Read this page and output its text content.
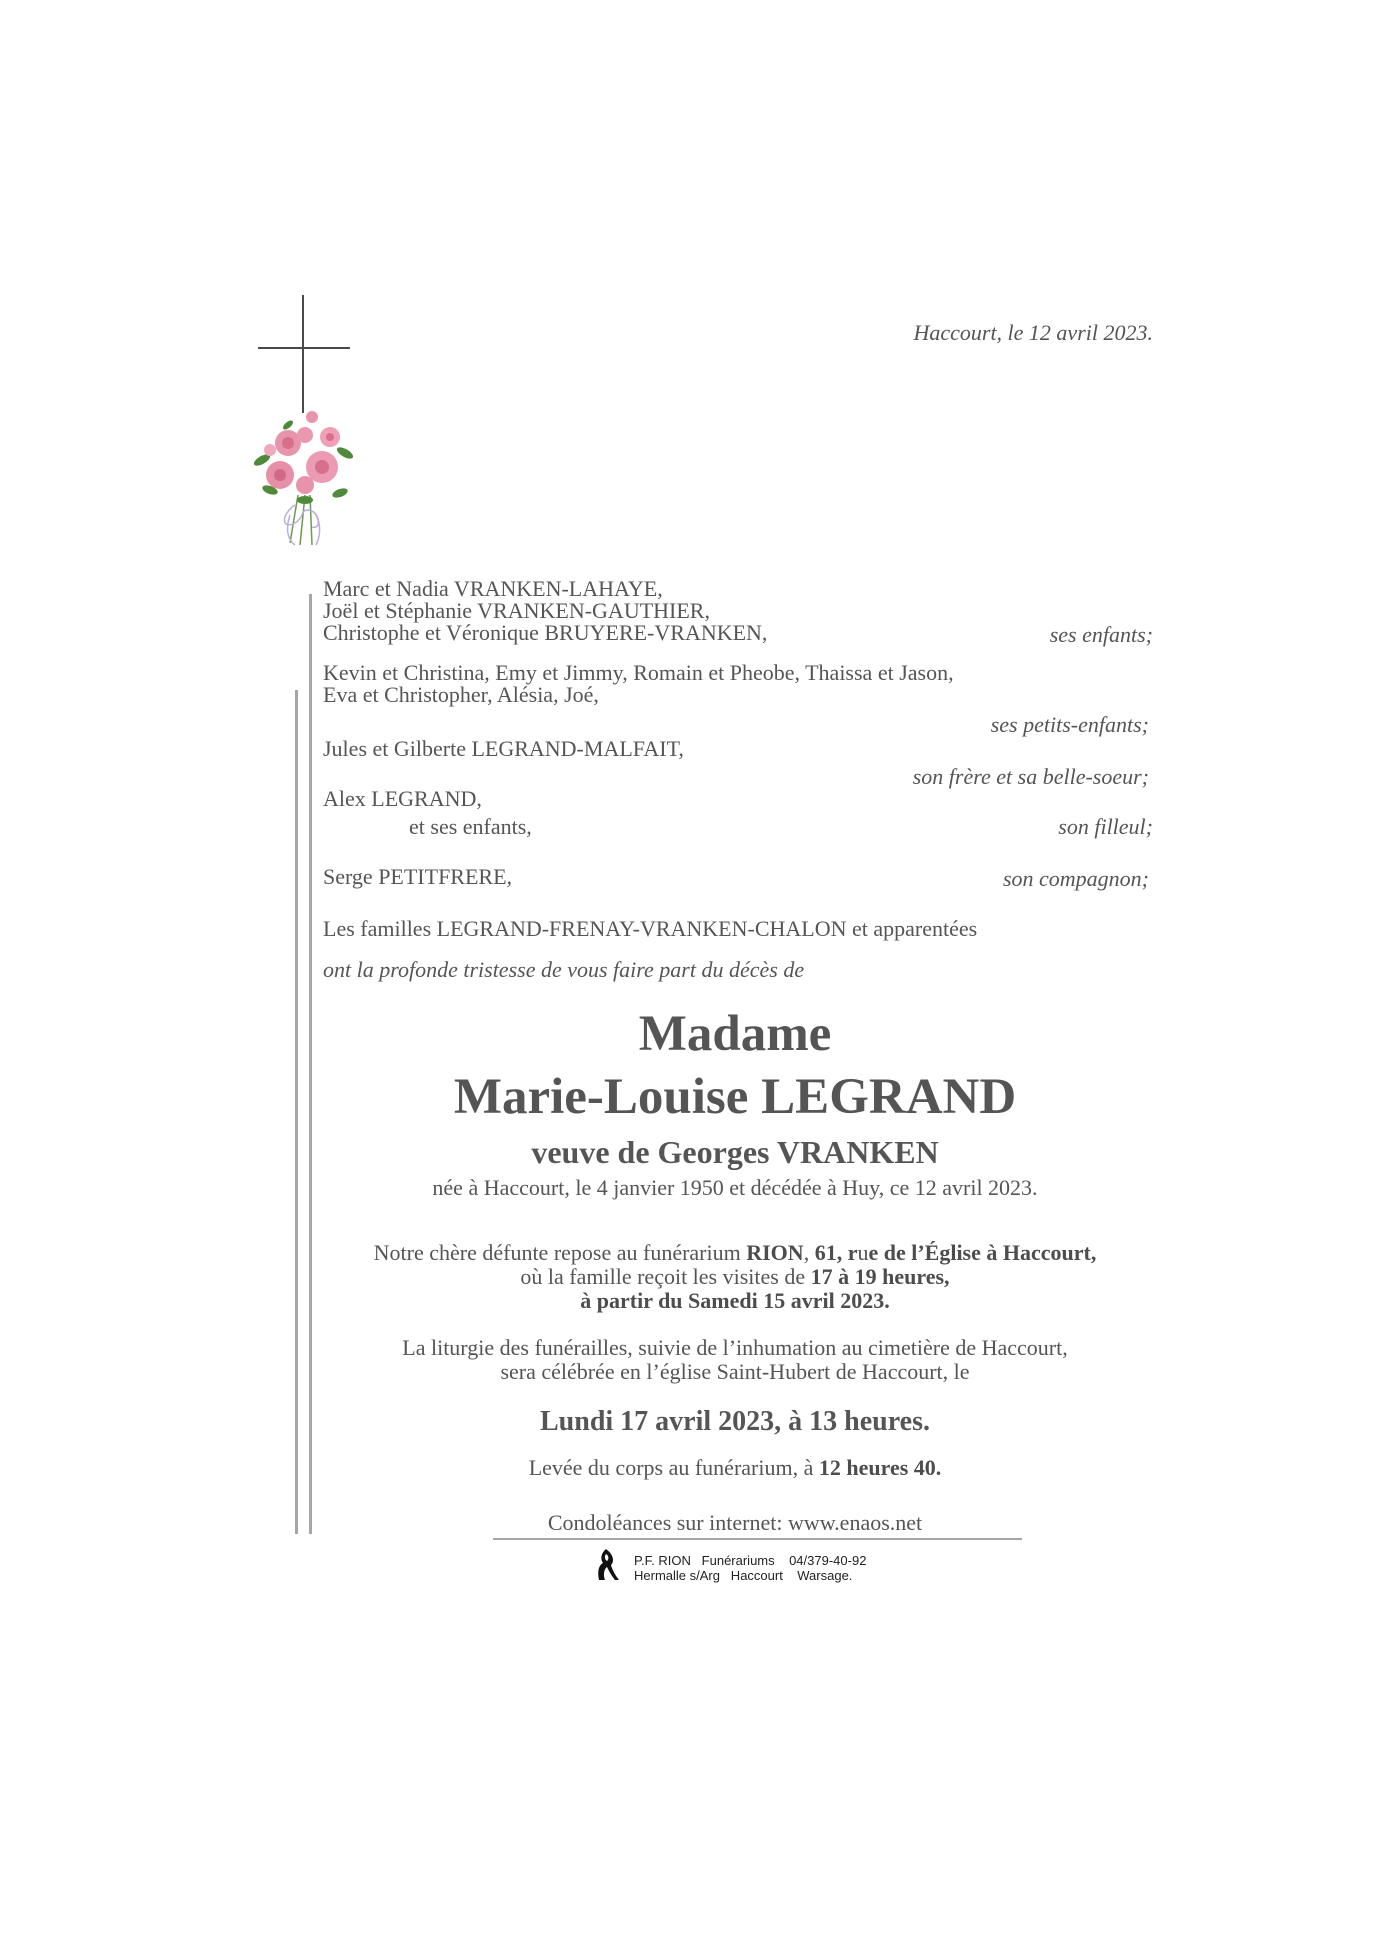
Haccourt, le 12 avril 2023.
Marc et Nadia VRANKEN-LAHAYE,
Joël et Stéphanie VRANKEN-GAUTHIER,
Christophe et Véronique BRUYERE-VRANKEN,	ses enfants;
Kevin et Christina, Emy et Jimmy, Romain et Pheobe, Thaissa et Jason,
Eva et Christopher, Alésia, Joé,
ses petits-enfants;
Jules et Gilberte LEGRAND-MALFAIT,
son frère et sa belle-soeur;
Alex LEGRAND,
et ses enfants,	son filleul;
Serge PETITFRERE,	son compagnon;
Les familles LEGRAND-FRENAY-VRANKEN-CHALON et apparentées
ont la profonde tristesse de vous faire part du décès de
Madame
Marie-Louise LEGRAND
veuve de Georges VRANKEN
née à Haccourt, le 4 janvier 1950 et décédée à Huy, ce 12 avril 2023.
Notre chère défunte repose au funérarium RION, 61, rue de l’Église à Haccourt,
où la famille reçoit les visites de 17 à 19 heures,
à partir du Samedi 15 avril 2023.
La liturgie des funérailles, suivie de l’inhumation au cimetière de Haccourt,
sera célébrée en l’église Saint-Hubert de Haccourt, le
Lundi 17 avril 2023, à 13 heures.
Levée du corps au funérarium, à 12 heures 40.
Condoléances sur internet: www.enaos.net
P.F. RION   Funérariums    04/379-40-92
Hermalle s/Arg   Haccourt    Warsage.
